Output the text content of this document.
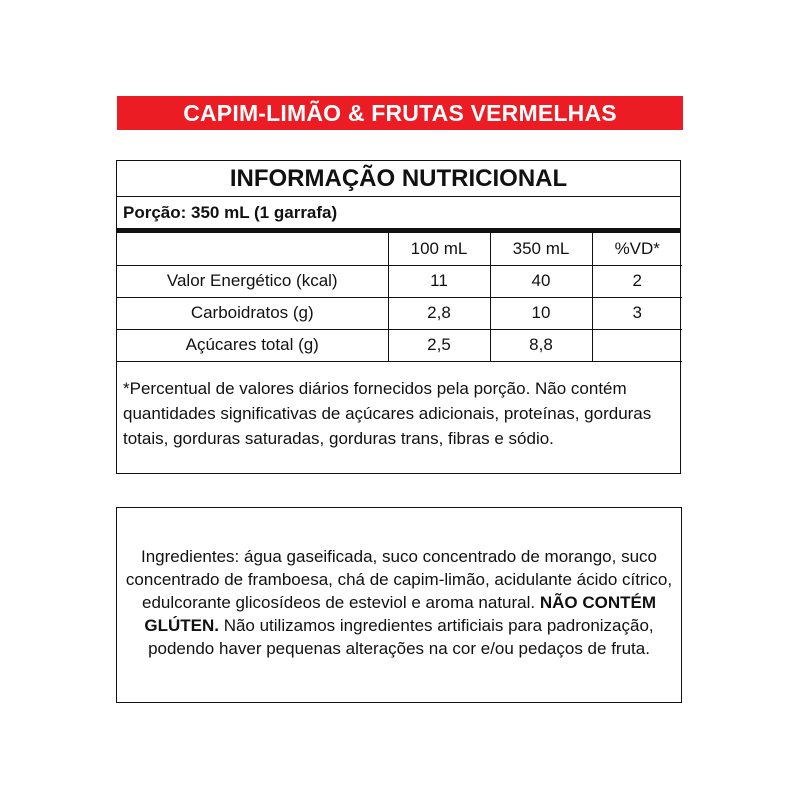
CAPIM-LIMÃO & FRUTAS VERMELHAS
INFORMAÇÃO NUTRICIONAL
Porção: 350 mL (1 garrafa)
	100 mL	350 mL	%VD*
Valor Energético (kcal)	11	40	2
Carboidratos (g)	2,8	10	3
Açúcares total (g)	2,5	8,8	
*Percentual de valores diários fornecidos pela porção. Não contém quantidades significativas de açúcares adicionais, proteínas, gorduras totais, gorduras saturadas, gorduras trans, fibras e sódio.
Ingredientes: água gaseificada, suco concentrado de morango, suco concentrado de framboesa, chá de capim-limão, acidulante ácido cítrico, edulcorante glicosídeos de esteviol e aroma natural. NÃO CONTÉM GLÚTEN. Não utilizamos ingredientes artificiais para padronização, podendo haver pequenas alterações na cor e/ou pedaços de fruta.
